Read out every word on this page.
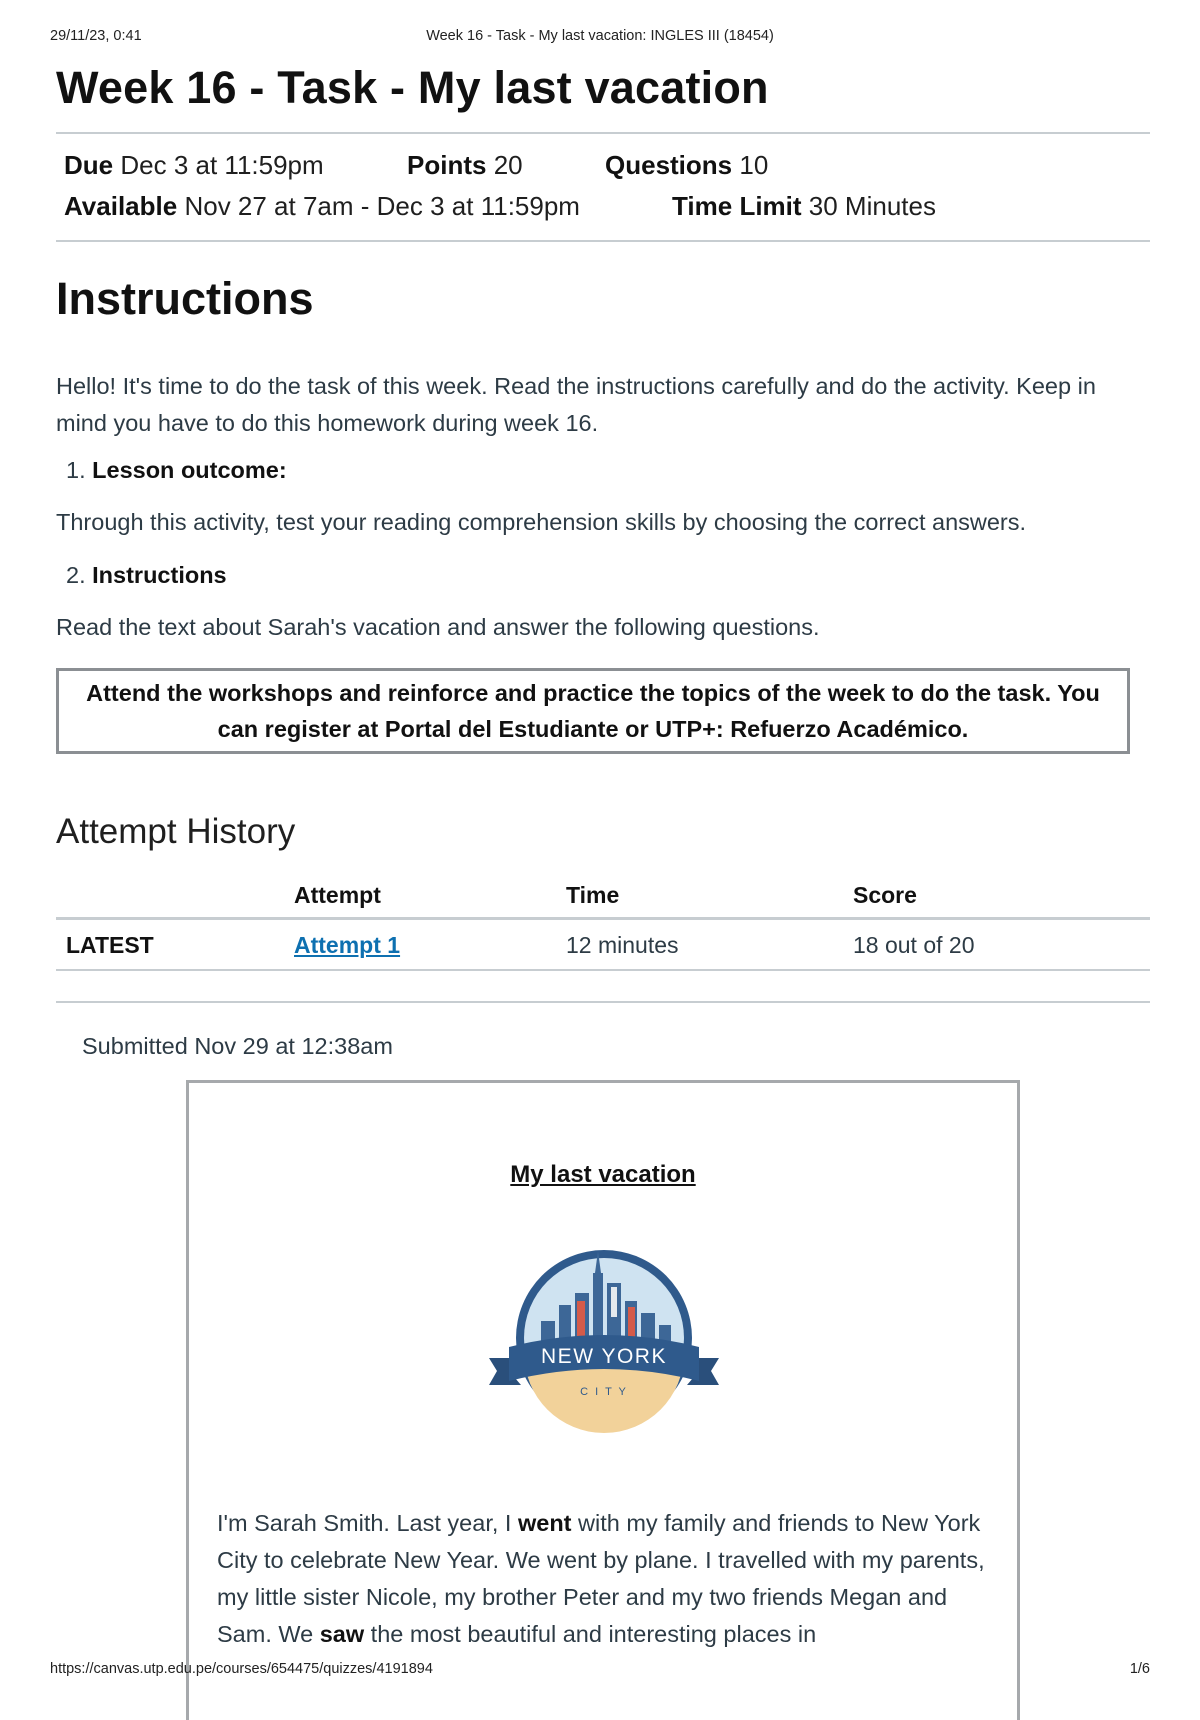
29/11/23, 0:41	Week 16 - Task - My last vacation: INGLES III (18454)
Week 16 - Task - My last vacation
Due Dec 3 at 11:59pm	Points 20	Questions 10
Available Nov 27 at 7am - Dec 3 at 11:59pm	Time Limit 30 Minutes
Instructions

Hello! It's time to do the task of this week. Read the instructions carefully and do the activity. Keep in mind you have to do this homework during week 16.

1. Lesson outcome:

Through this activity, test your reading comprehension skills by choosing the correct answers.

2. Instructions

Read the text about Sarah's vacation and answer the following questions.

Attend the workshops and reinforce and practice the topics of the week to do the task. You can register at Portal del Estudiante or UTP+: Refuerzo Académico.
Attempt History
	Attempt	Time	Score
LATEST	Attempt 1	12 minutes	18 out of 20
Submitted Nov 29 at 12:38am
My last vacation
NEW YORK
C I T Y

I'm Sarah Smith. Last year, I went with my family and friends to New York City to celebrate New Year. We went by plane. I travelled with my parents, my little sister Nicole, my brother Peter and my two friends Megan and Sam. We saw the most beautiful and interesting places in

https://canvas.utp.edu.pe/courses/654475/quizzes/4191894	1/6
